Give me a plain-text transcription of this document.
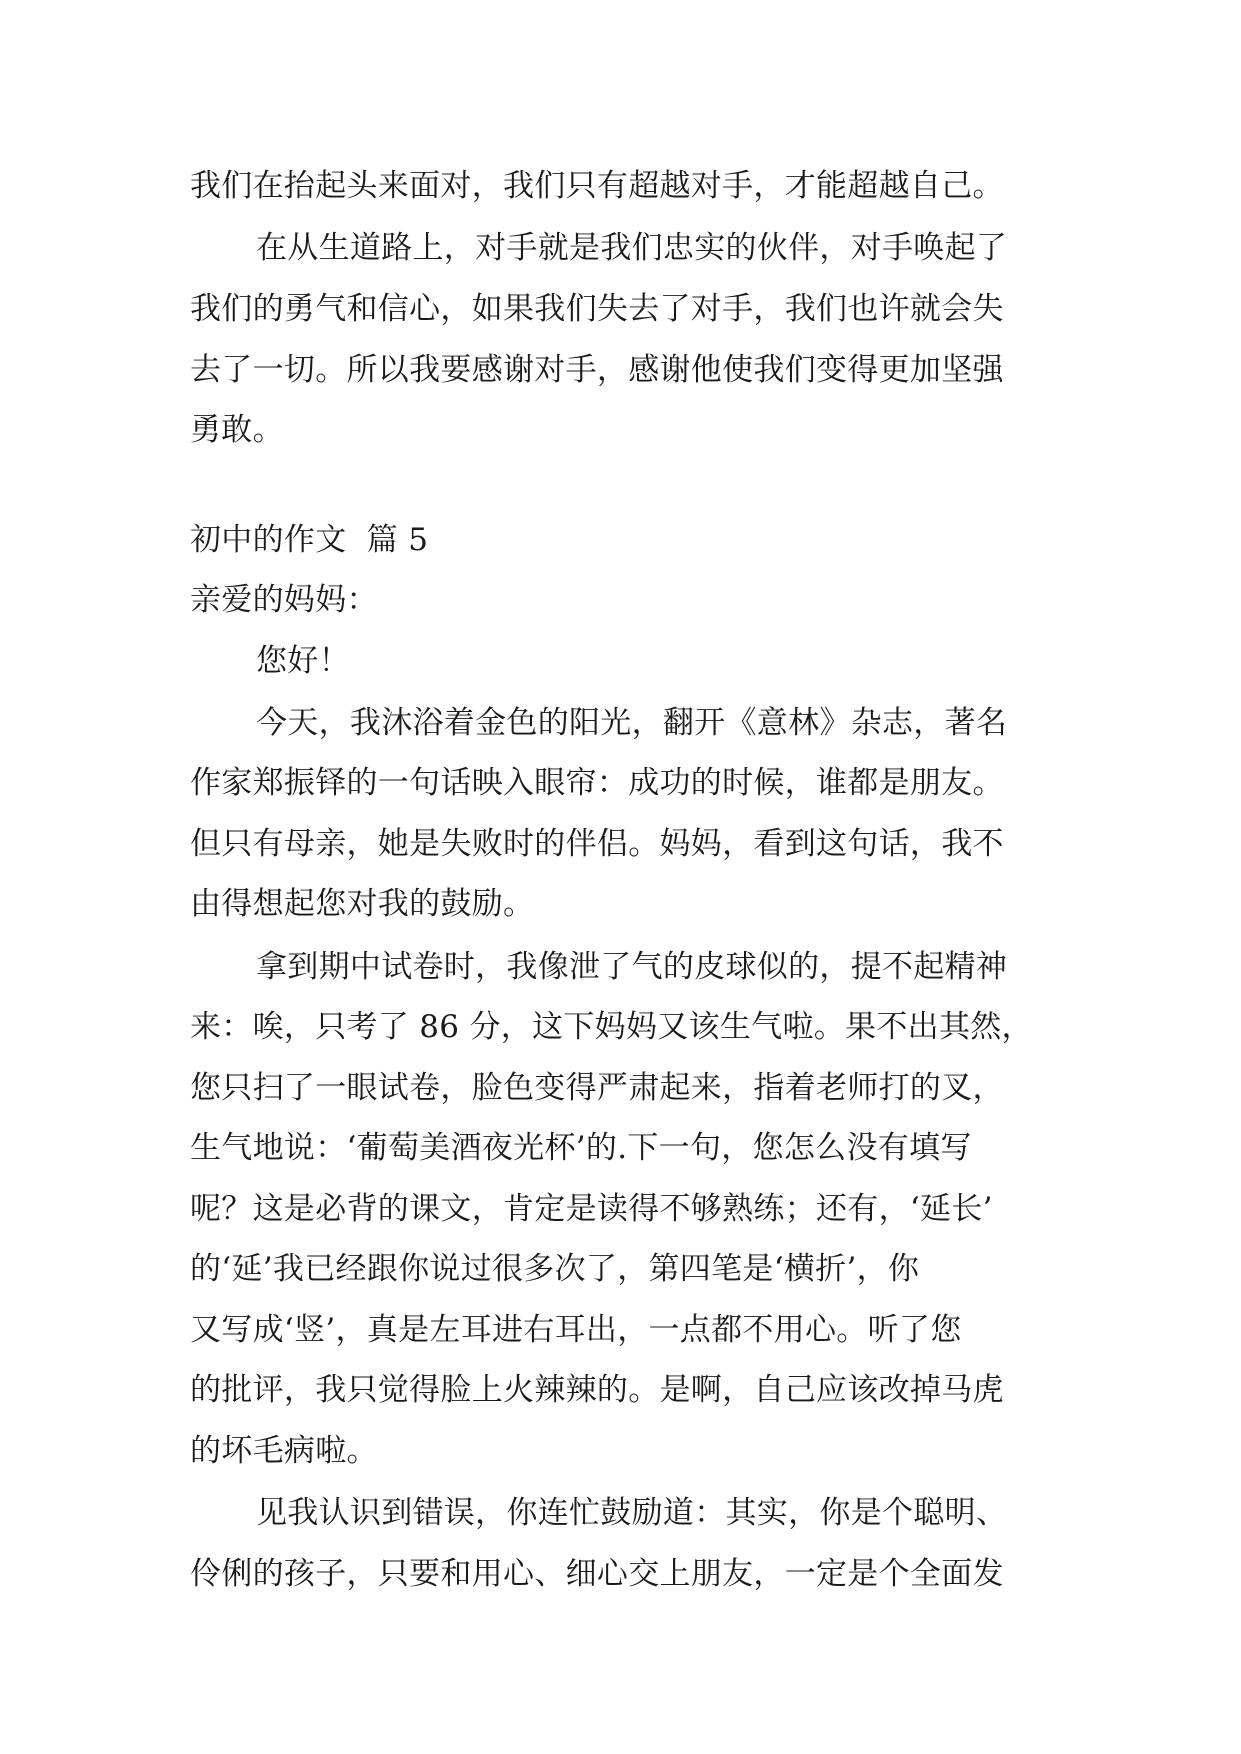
我们在抬起头来面对，我们只有超越对手，才能超越自己。
在从生道路上，对手就是我们忠实的伙伴，对手唤起了
我们的勇气和信心，如果我们失去了对手，我们也许就会失
去了一切。所以我要感谢对手，感谢他使我们变得更加坚强
勇敢。
初中的作文  篇 5
亲爱的妈妈：
您好！
今天，我沐浴着金色的阳光，翻开《意林》杂志，著名
作家郑振铎的一句话映入眼帘：成功的时候，谁都是朋友。
但只有母亲，她是失败时的伴侣。妈妈，看到这句话，我不
由得想起您对我的鼓励。
拿到期中试卷时，我像泄了气的皮球似的，提不起精神
来：唉，只考了 86 分，这下妈妈又该生气啦。果不出其然，
您只扫了一眼试卷，脸色变得严肃起来，指着老师打的叉，
生气地说：‘葡萄美酒夜光杯’的.下一句，您怎么没有填写
呢？这是必背的课文，肯定是读得不够熟练；还有，‘延长’
的‘延’我已经跟你说过很多次了，第四笔是‘横折’，你
又写成‘竖’，真是左耳进右耳出，一点都不用心。听了您
的批评，我只觉得脸上火辣辣的。是啊，自己应该改掉马虎
的坏毛病啦。
见我认识到错误，你连忙鼓励道：其实，你是个聪明、
伶俐的孩子，只要和用心、细心交上朋友，一定是个全面发
